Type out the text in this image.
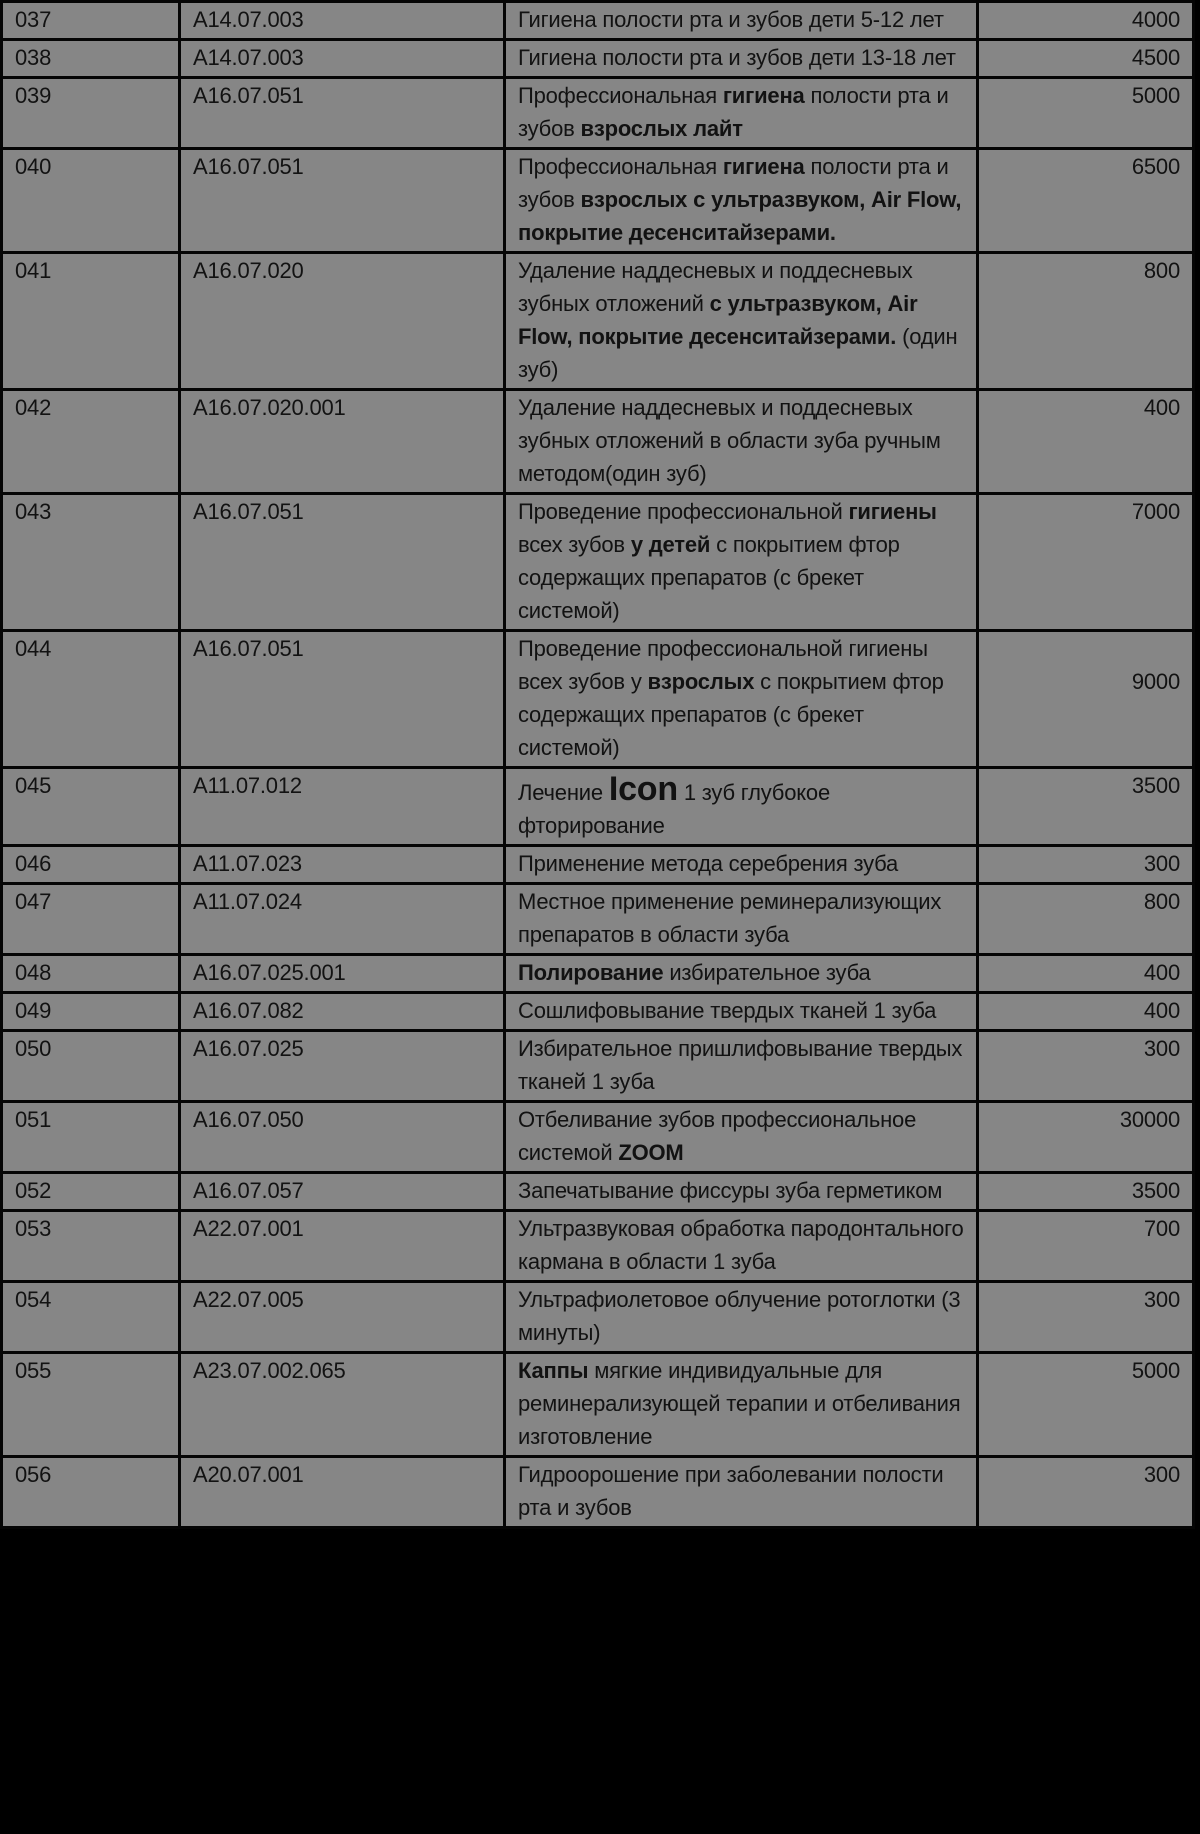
037	A14.07.003	Гигиена полости рта и зубов дети 5-12 лет	4000
038	A14.07.003	Гигиена полости рта и зубов дети 13-18 лет	4500
039	A16.07.051	Профессиональная гигиена полости рта и зубов взрослых лайт	5000
040	A16.07.051	Профессиональная гигиена полости рта и зубов взрослых с ультразвуком, Air Flow, покрытие десенситайзерами.	6500
041	A16.07.020	Удаление наддесневых и поддесневых зубных отложений с ультразвуком, Air Flow, покрытие десенситайзерами. (один зуб)	800
042	A16.07.020.001	Удаление наддесневых и поддесневых зубных отложений в области зуба ручным методом(один зуб)	400
043	A16.07.051	Проведение профессиональной гигиены всех зубов у детей с покрытием фтор содержащих препаратов (с брекет системой)	7000
044	A16.07.051	Проведение профессиональной гигиены всех зубов у взрослых с покрытием фтор содержащих препаратов (с брекет системой)	9000
045	A11.07.012	Лечение Icon 1 зуб глубокое фторирование	3500
046	A11.07.023	Применение метода серебрения зуба	300
047	A11.07.024	Местное применение реминерализующих препаратов в области зуба	800
048	A16.07.025.001	Полирование избирательное зуба	400
049	A16.07.082	Сошлифовывание твердых тканей 1 зуба	400
050	A16.07.025	Избирательное пришлифовывание твердых тканей 1 зуба	300
051	A16.07.050	Отбеливание зубов профессиональное системой ZOOM	30000
052	A16.07.057	Запечатывание фиссуры зуба герметиком	3500
053	A22.07.001	Ультразвуковая обработка пародонтального кармана в области 1 зуба	700
054	A22.07.005	Ультрафиолетовое облучение ротоглотки (3 минуты)	300
055	A23.07.002.065	Каппы мягкие индивидуальные для реминерализующей терапии и отбеливания изготовление	5000
056	A20.07.001	Гидроорошение при заболевании полости рта и зубов	300
